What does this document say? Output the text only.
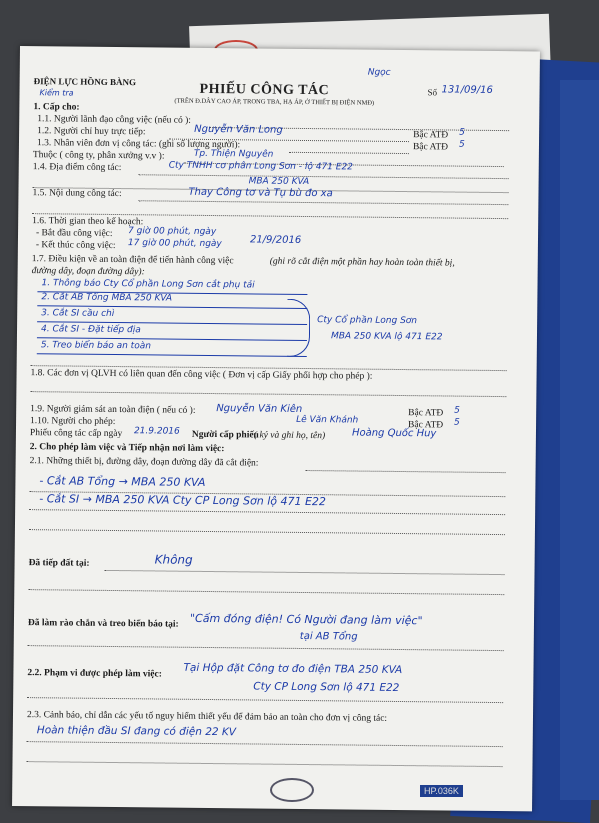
ĐIỆN LỰC HỒNG BÀNG
Kiểm tra	PHIẾU CÔNG TÁC
(TRÊN Đ.DÂY CAO ÁP, TRONG TBA, HẠ ÁP, Ở THIẾT BỊ ĐIỆN NMĐ)
Ngọc
Số 131/09/16
1. Cấp cho:
1.1. Người lãnh đạo công việc (nếu có ):
1.2. Người chỉ huy trực tiếp:	Nguyễn Văn Long	Bậc ATĐ 5
1.3. Nhân viên đơn vị công tác: (ghi số lượng người):	Bậc ATĐ 5
Thuộc ( công ty, phân xưởng v.v ):	Tp. Thiện Nguyên
1.4. Địa điểm công tác:	Cty TNHH cơ phân Long Sơn - lộ 471 E22
MBA 250 KVA
1.5. Nội dung công tác:	Thay Công tơ và Tụ bù đo xa
1.6. Thời gian theo kế hoạch:
- Bắt đầu công việc: 7 giờ 00 phút, ngày
- Kết thúc công việc: 17 giờ 00 phút, ngày	21/9/2016
1.7. Điều kiện về an toàn điện để tiến hành công việc	(ghi rõ cắt điện một phần hay hoàn toàn thiết bị,
đường dây, đoạn đường dây):
1. Thông báo Cty Cổ phần Long Sơn cắt phụ tải
2. Cắt AB Tổng MBA 250 KVA
3. Cắt SI cầu chì
4. Cắt SI - Đặt tiếp địa
5. Treo biển báo an toàn
Cty Cổ phần Long Sơn
MBA 250 KVA lộ 471 E22
1.8. Các đơn vị QLVH có liên quan đến công việc ( Đơn vị cấp Giấy phối hợp cho phép ):
1.9. Người giám sát an toàn điện ( nếu có ): Nguyễn Văn Kiên	Bậc ATĐ 5
1.10. Người cho phép:	Lê Văn Khánh	Bậc ATĐ 5
Phiếu công tác cấp ngày 21.9.2016 Người cấp phiếu
( ký và ghi họ, tên)	Hoàng Quốc Huy
2. Cho phép làm việc và Tiếp nhận nơi làm việc:
2.1. Những thiết bị, đường dây, đoạn đường dây đã cắt điện:
- Cắt AB Tổng → MBA 250 KVA
- Cắt SI → MBA 250 KVA Cty CP Long Sơn lộ 471 E22
Đã tiếp đất tại:	Không
Đã làm rào chắn và treo biển báo tại: "Cấm đóng điện! Có Người đang làm việc"
tại AB Tổng
2.2. Phạm vi được phép làm việc: Tại Hộp đặt Công tơ đo điện TBA 250 KVA
Cty CP Long Sơn lộ 471 E22
2.3. Cảnh báo, chỉ dẫn các yếu tố nguy hiểm thiết yếu để đảm bảo an toàn cho đơn vị công tác:
Hoàn thiện đầu SI đang có điện 22 KV
HP.036K
